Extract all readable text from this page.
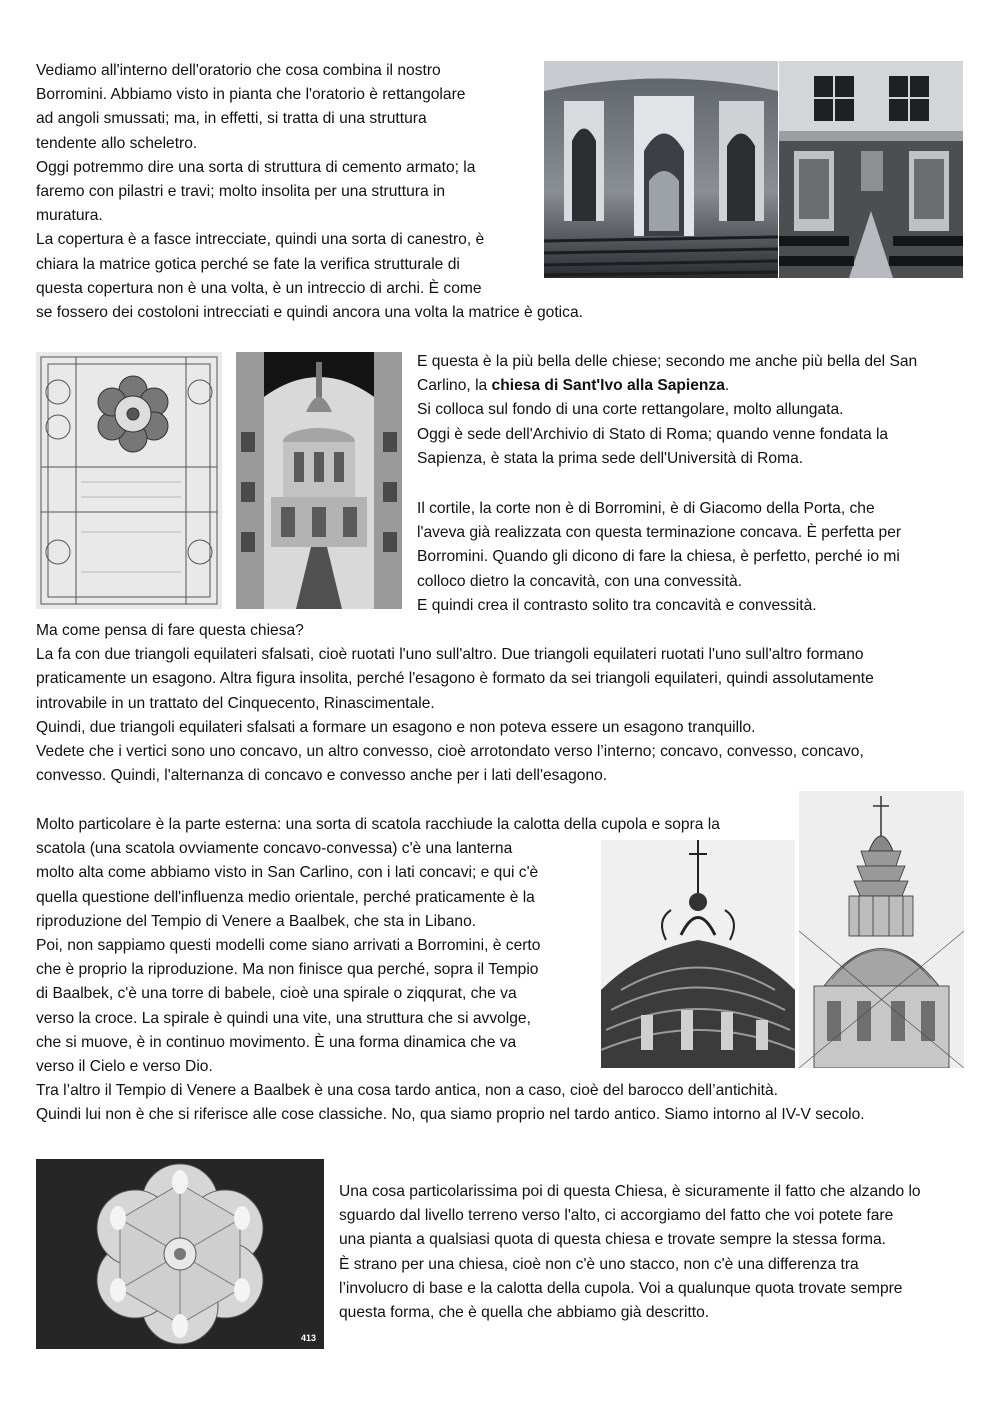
Vediamo all'interno dell'oratorio che cosa combina il nostro
Borromini. Abbiamo visto in pianta che l'oratorio è rettangolare
ad angoli smussati; ma, in effetti, si tratta di una struttura
tendente allo scheletro.
Oggi potremmo dire una sorta di struttura di cemento armato; la
faremo con pilastri e travi; molto insolita per una struttura in
muratura.
La copertura è a fasce intrecciate, quindi una sorta di canestro, è
chiara la matrice gotica perché se fate la verifica strutturale di
questa copertura non è una volta, è un intreccio di archi. È come
se fossero dei costoloni intrecciati e quindi ancora una volta la matrice è gotica.
E questa è la più bella delle chiese; secondo me anche più bella del San
Carlino, la chiesa di Sant'Ivo alla Sapienza.
Si colloca sul fondo di una corte rettangolare, molto allungata.
Oggi è sede dell'Archivio di Stato di Roma; quando venne fondata la
Sapienza, è stata la prima sede dell'Università di Roma.
Il cortile, la corte non è di Borromini, è di Giacomo della Porta, che
l'aveva già realizzata con questa terminazione concava. È perfetta per
Borromini. Quando gli dicono di fare la chiesa, è perfetto, perché io mi
colloco dietro la concavità, con una convessità.
E quindi crea il contrasto solito tra concavità e convessità.
Ma come pensa di fare questa chiesa?
La fa con due triangoli equilateri sfalsati, cioè ruotati l'uno sull'altro. Due triangoli equilateri ruotati l'uno sull'altro formano
praticamente un esagono. Altra figura insolita, perché l'esagono è formato da sei triangoli equilateri, quindi assolutamente
introvabile in un trattato del Cinquecento, Rinascimentale.
Quindi, due triangoli equilateri sfalsati a formare un esagono e non poteva essere un esagono tranquillo.
Vedete che i vertici sono uno concavo, un altro convesso, cioè arrotondato verso l’interno; concavo, convesso, concavo,
convesso. Quindi, l'alternanza di concavo e convesso anche per i lati dell'esagono.
Molto particolare è la parte esterna: una sorta di scatola racchiude la calotta della cupola e sopra la
scatola (una scatola ovviamente concavo-convessa) c'è una lanterna
molto alta come abbiamo visto in San Carlino, con i lati concavi; e qui c'è
quella questione dell'influenza medio orientale, perché praticamente è la
riproduzione del Tempio di Venere a Baalbek, che sta in Libano.
Poi, non sappiamo questi modelli come siano arrivati a Borromini, è certo
che è proprio la riproduzione. Ma non finisce qua perché, sopra il Tempio
di Baalbek, c'è una torre di babele, cioè una spirale o ziqqurat, che va
verso la croce. La spirale è quindi una vite, una struttura che si avvolge,
che si muove, è in continuo movimento. È una forma dinamica che va
verso il Cielo e verso Dio.
Tra l’altro il Tempio di Venere a Baalbek è una cosa tardo antica, non a caso, cioè del barocco dell’antichità.
Quindi lui non è che si riferisce alle cose classiche. No, qua siamo proprio nel tardo antico. Siamo intorno al IV-V secolo.
413
Una cosa particolarissima poi di questa Chiesa, è sicuramente il fatto che alzando lo
sguardo dal livello terreno verso l'alto, ci accorgiamo del fatto che voi potete fare
una pianta a qualsiasi quota di questa chiesa e trovate sempre la stessa forma.
È strano per una chiesa, cioè non c'è uno stacco, non c'è una differenza tra
l’involucro di base e la calotta della cupola. Voi a qualunque quota trovate sempre
questa forma, che è quella che abbiamo già descritto.
